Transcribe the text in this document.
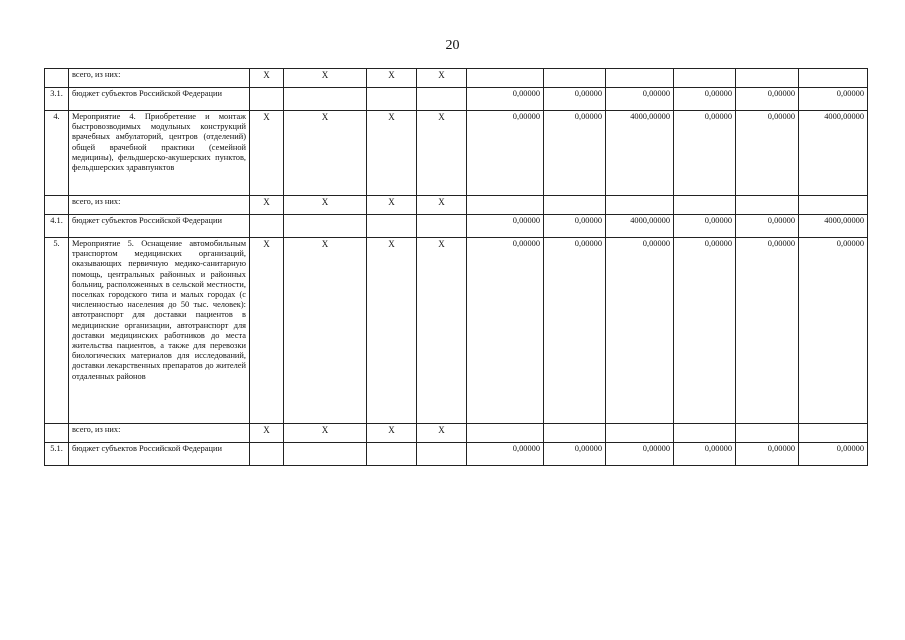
20
	всего, из них:	X	X	X	X						
3.1.	бюджет субъектов Российской Федерации					0,00000	0,00000	0,00000	0,00000	0,00000	0,00000
4.	Мероприятие 4. Приобретение и монтаж быстровозводимых модульных конструкций врачебных амбулаторий, центров (отделений) общей врачебной практики (семейной медицины), фельдшерско-акушерских пунктов, фельдшерских здравпунктов	X	X	X	X	0,00000	0,00000	4000,00000	0,00000	0,00000	4000,00000
	всего, из них:	X	X	X	X						
4.1.	бюджет субъектов Российской Федерации					0,00000	0,00000	4000,00000	0,00000	0,00000	4000,00000
5.	Мероприятие 5. Оснащение автомобильным транспортом медицинских организаций, оказывающих первичную медико-санитарную помощь, центральных районных и районных больниц, расположенных в сельской местности, поселках городского типа и малых городах (с численностью населения до 50 тыс. человек): автотранспорт для доставки пациентов в медицинские организации, автотранспорт для доставки медицинских работников до места жительства пациентов, а также для перевозки биологических материалов для исследований, доставки лекарственных препаратов до жителей отдаленных районов	X	X	X	X	0,00000	0,00000	0,00000	0,00000	0,00000	0,00000
	всего, из них:	X	X	X	X						
5.1.	бюджет субъектов Российской Федерации					0,00000	0,00000	0,00000	0,00000	0,00000	0,00000
